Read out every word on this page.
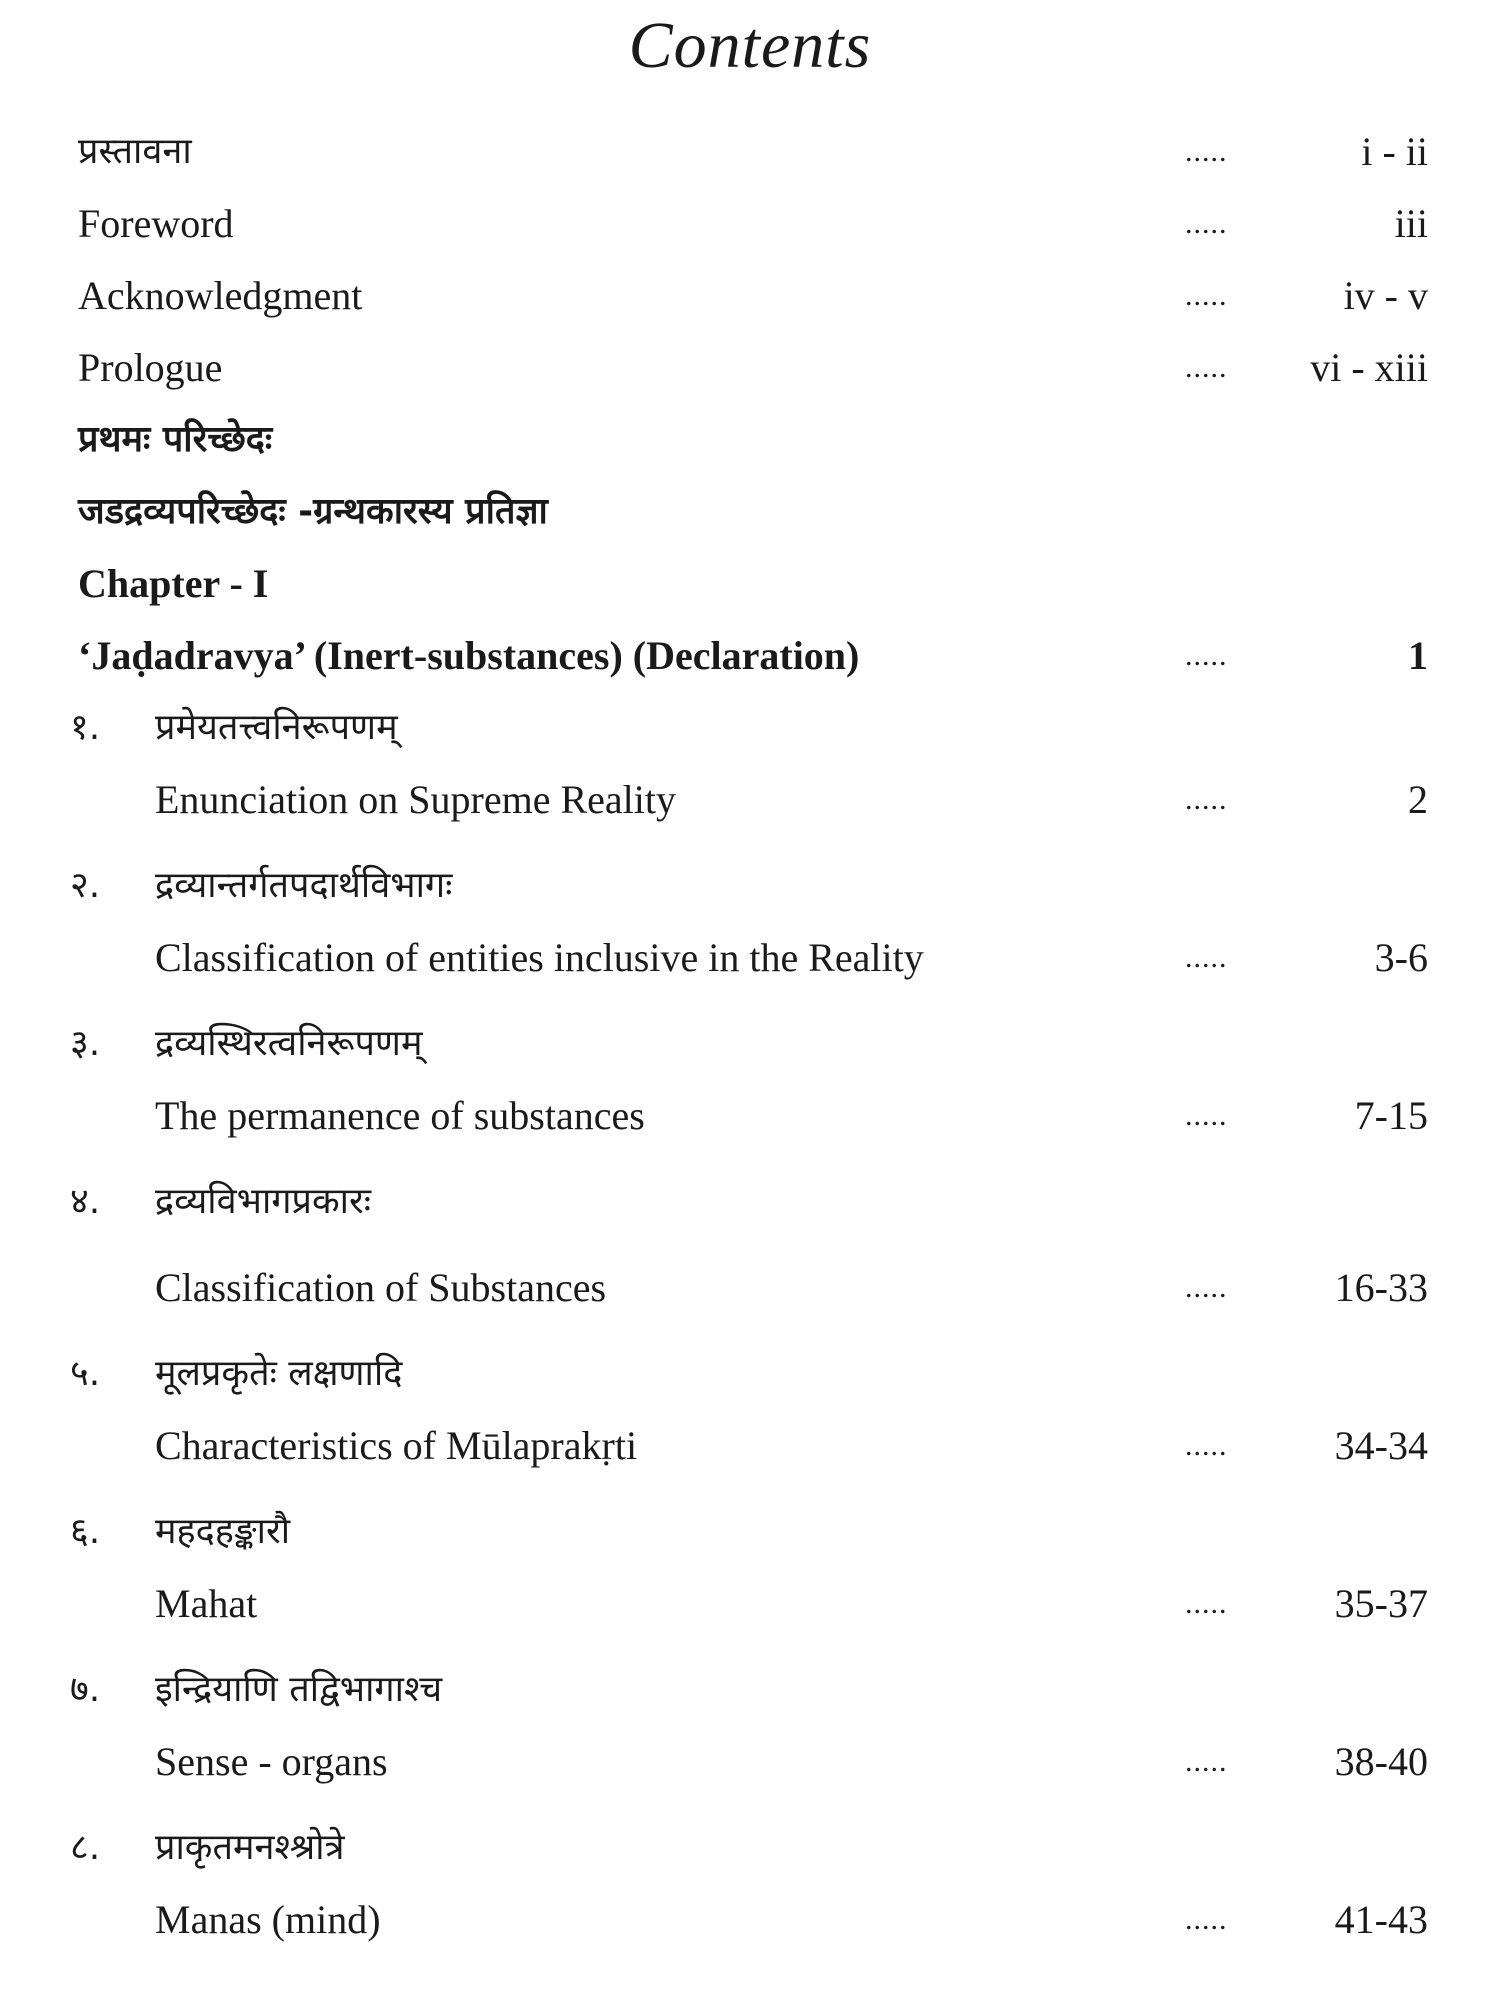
Contents
प्रस्तावना	.....	i - ii
Foreword	.....	iii
Acknowledgment	.....	iv - v
Prologue	..... vi - xiii
प्रथमः परिच्छेदः
जडद्रव्यपरिच्छेदः -ग्रन्थकारस्य प्रतिज्ञा
Chapter - I
‘Jaḍadravya’ (Inert-substances) (Declaration)	.....	1
१. प्रमेयतत्त्वनिरूपणम्
Enunciation on Supreme Reality	.....	2
२. द्रव्यान्तर्गतपदार्थविभागः
Classification of entities inclusive in the Reality	.....	3-6
३. द्रव्यस्थिरत्वनिरूपणम्
The permanence of substances	.....	7-15
४. द्रव्यविभागप्रकारः
Classification of Substances	.....	16-33
५. मूलप्रकृतेः लक्षणादि
Characteristics of Mūlaprakṛti	.....	34-34
६. महदहङ्कारौ
Mahat	.....	35-37
७. इन्द्रियाणि तद्विभागाश्च
Sense - organs	.....	38-40
८. प्राकृतमनश्श्रोत्रे
Manas (mind)	.....	41-43
